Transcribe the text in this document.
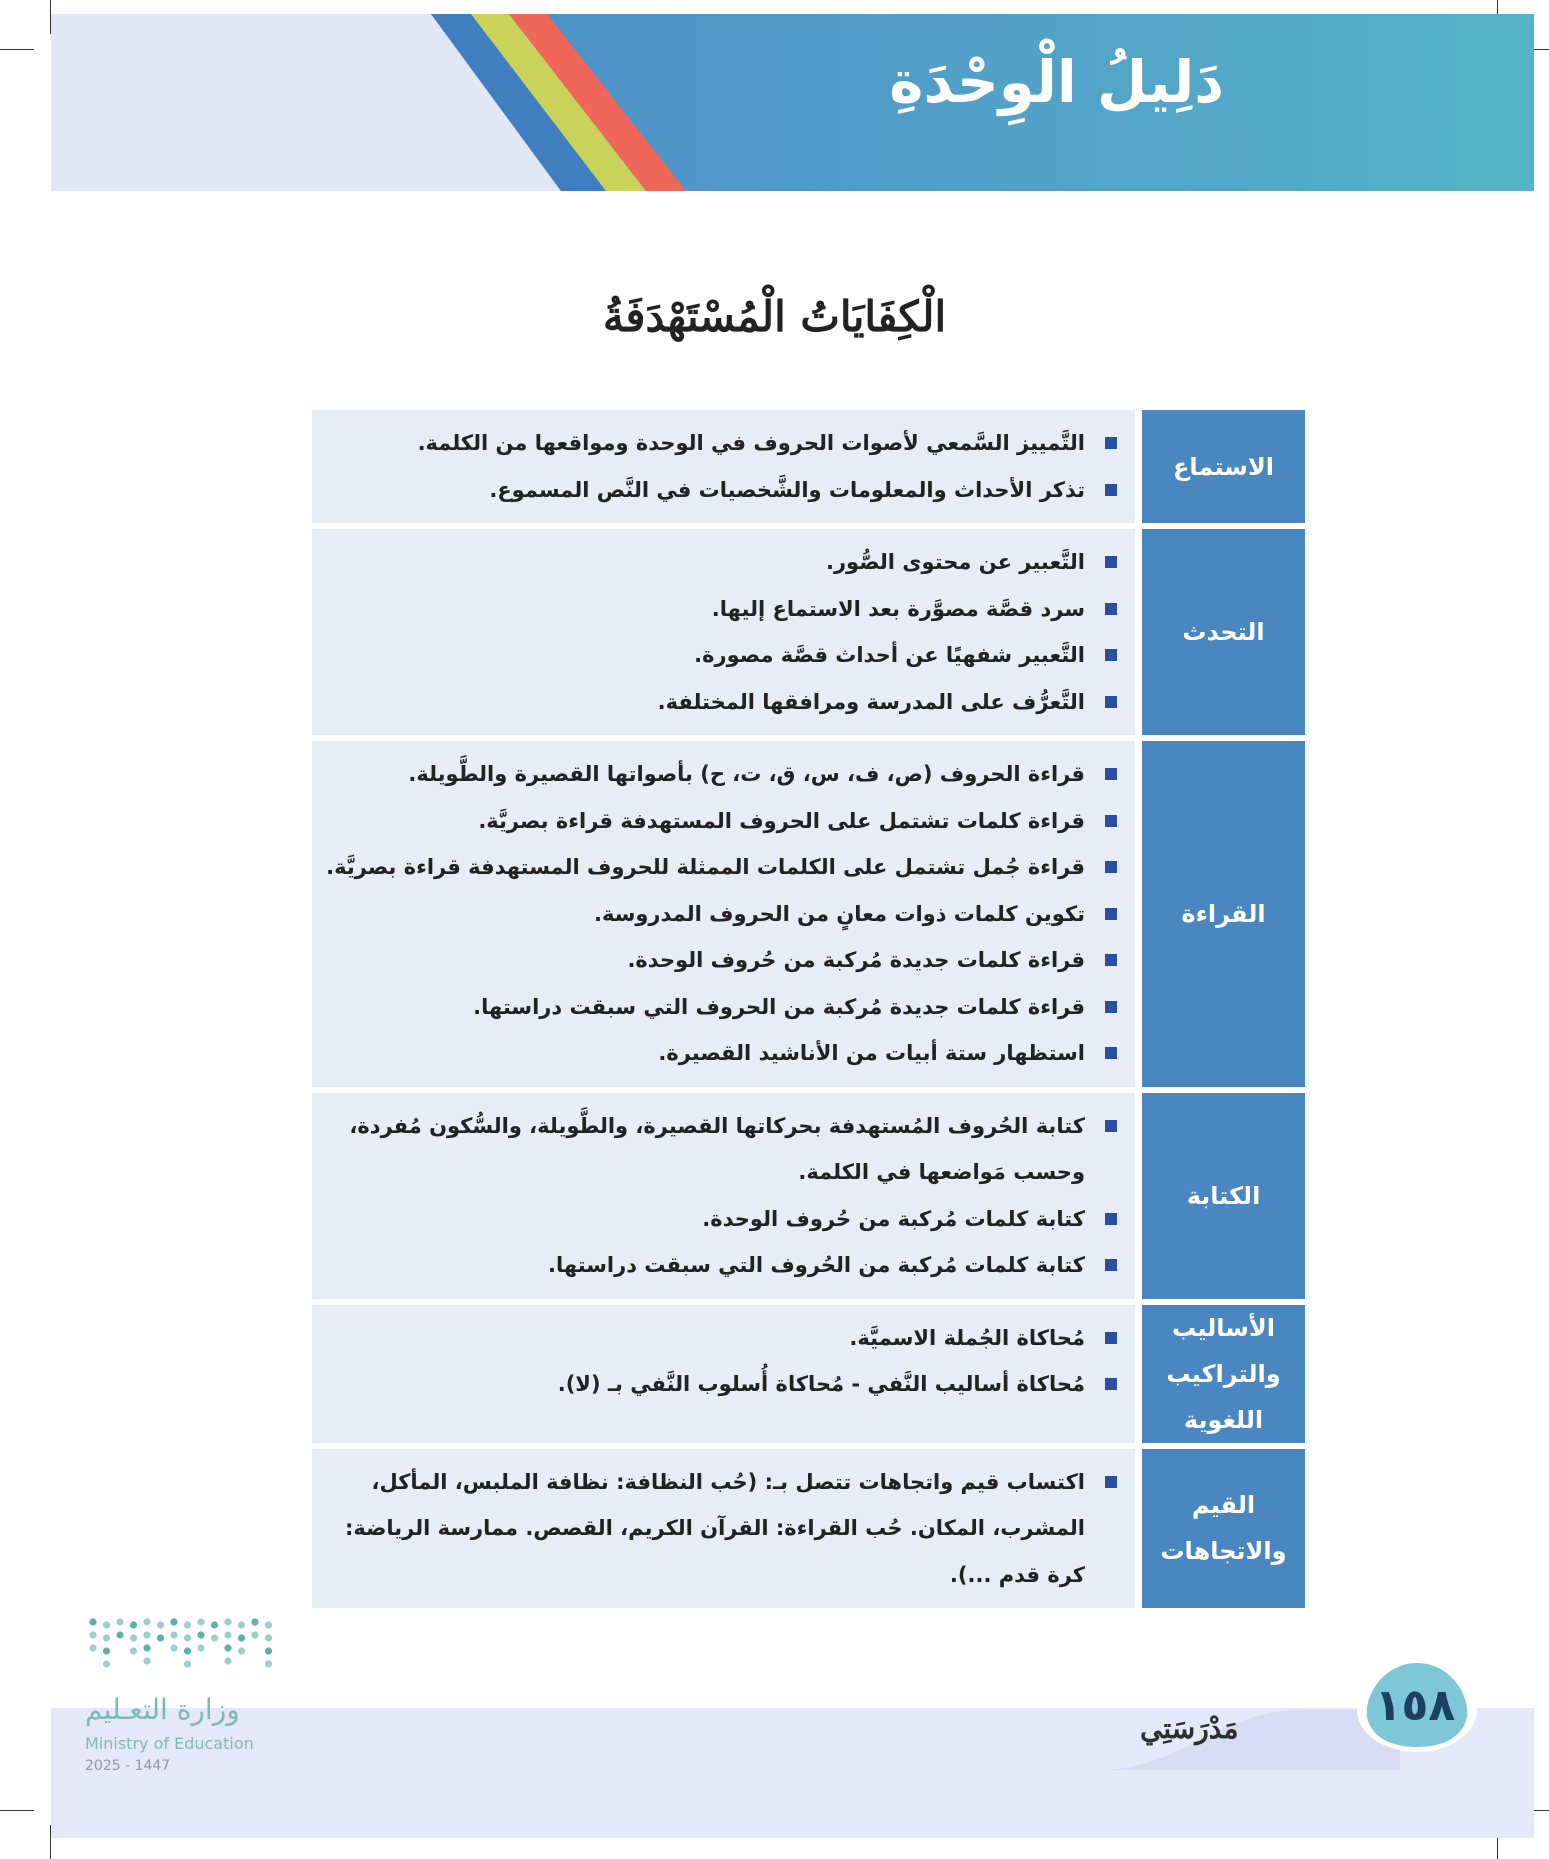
دَلِيلُ الْوِحْدَةِ
الْكِفَايَاتُ الْمُسْتَهْدَفَةُ
الاستماع
التَّمييز السَّمعي لأصوات الحروف في الوحدة ومواقعها من الكلمة.
تذكر الأحداث والمعلومات والشَّخصيات في النَّص المسموع.
التحدث
التَّعبير عن محتوى الصُّور.
سرد قصَّة مصوَّرة بعد الاستماع إليها.
التَّعبير شفهيًا عن أحداث قصَّة مصورة.
التَّعرُّف على المدرسة ومرافقها المختلفة.
القراءة
قراءة الحروف (ص، ف، س، ق، ت، ح) بأصواتها القصيرة والطَّويلة.
قراءة كلمات تشتمل على الحروف المستهدفة قراءة بصريَّة.
قراءة جُمل تشتمل على الكلمات الممثلة للحروف المستهدفة قراءة بصريَّة.
تكوين كلمات ذوات معانٍ من الحروف المدروسة.
قراءة كلمات جديدة مُركبة من حُروف الوحدة.
قراءة كلمات جديدة مُركبة من الحروف التي سبقت دراستها.
استظهار ستة أبيات من الأناشيد القصيرة.
الكتابة
كتابة الحُروف المُستهدفة بحركاتها القصيرة، والطَّويلة، والسُّكون مُفردة، وحسب مَواضعها في الكلمة.
كتابة كلمات مُركبة من حُروف الوحدة.
كتابة كلمات مُركبة من الحُروف التي سبقت دراستها.
الأساليب والتراكيب اللغوية
مُحاكاة الجُملة الاسميَّة.
مُحاكاة أساليب النَّفي - مُحاكاة أُسلوب النَّفي بـ (لا).
القيم والاتجاهات
اكتساب قيم واتجاهات تتصل بـ: (حُب النظافة: نظافة الملبس، المأكل، المشرب، المكان. حُب القراءة: القرآن الكريم، القصص. ممارسة الرياضة: كرة قدم ...).
١٥٨
مَدْرَسَتِي
وزارة التعـليم
Ministry of Education
2025 - 1447
